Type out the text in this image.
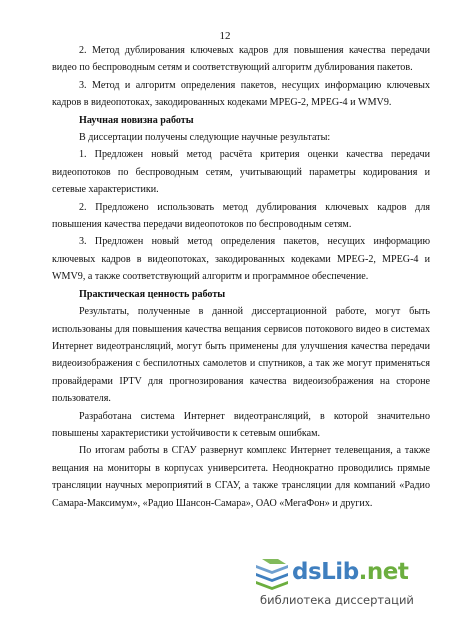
12

2. Метод дублирования ключевых кадров для повышения качества передачи видео по беспроводным сетям и соответствующий алгоритм дублирования пакетов.

3. Метод и алгоритм определения пакетов, несущих информацию ключевых кадров в видеопотоках, закодированных кодеками MPEG-2, MPEG-4 и WMV9.

Научная новизна работы

В диссертации получены следующие научные результаты:

1. Предложен новый метод расчёта критерия оценки качества передачи видеопотоков по беспроводным сетям, учитывающий параметры кодирования и сетевые характеристики.

2. Предложено использовать метод дублирования ключевых кадров для повышения качества передачи видеопотоков по беспроводным сетям.

3. Предложен новый метод определения пакетов, несущих информацию ключевых кадров в видеопотоках, закодированных кодеками MPEG-2, MPEG-4 и WMV9, а также соответствующий алгоритм и программное обеспечение.

Практическая ценность работы

Результаты, полученные в данной диссертационной работе, могут быть использованы для повышения качества вещания сервисов потокового видео в системах Интернет видеотрансляций, могут быть применены для улучшения качества передачи видеоизображения с беспилотных самолетов и спутников, а так же могут применяться провайдерами IPTV для прогнозирования качества видеоизображения на стороне пользователя.

Разработана система Интернет видеотрансляций, в которой значительно повышены характеристики устойчивости к сетевым ошибкам.

По итогам работы в СГАУ развернут комплекс Интернет телевещания, а также вещания на мониторы в корпусах университета. Неоднократно проводились прямые трансляции научных мероприятий в СГАУ, а также трансляции для компаний «Радио Самара-Максимум», «Радио Шансон-Самара», ОАО «МегаФон» и других.

dsLib.net
библиотека диссертаций
